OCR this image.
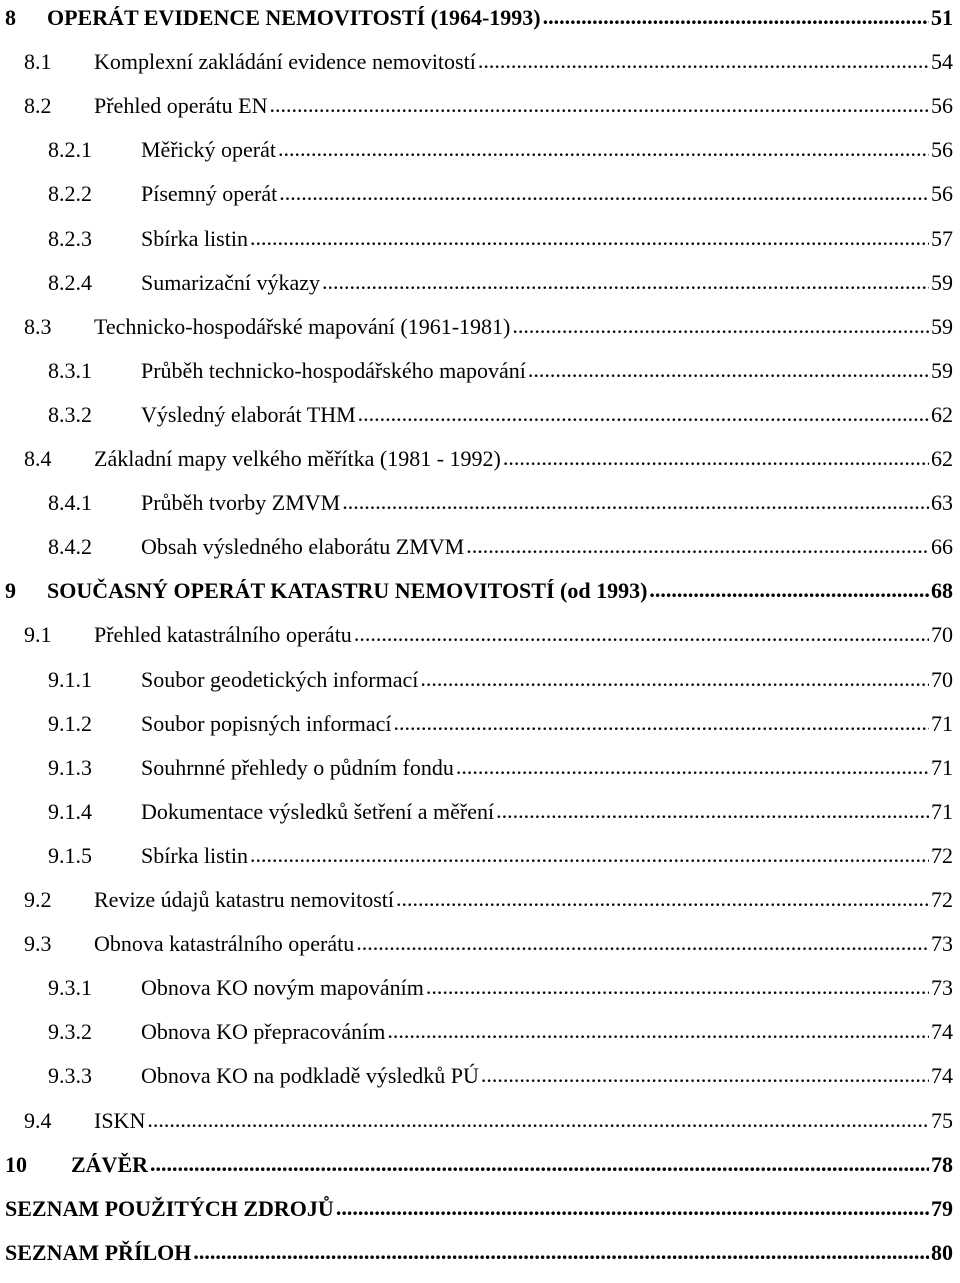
8	OPERÁT EVIDENCE NEMOVITOSTÍ (1964-1993) .....	51
8.1	Komplexní zakládání evidence nemovitostí .....	54
8.2	Přehled operátu EN .....	56
8.2.1	Měřický operát .....	56
8.2.2	Písemný operát .....	56
8.2.3	Sbírka listin .....	57
8.2.4	Sumarizační výkazy .....	59
8.3	Technicko-hospodářské mapování (1961-1981) .....	59
8.3.1	Průběh technicko-hospodářského mapování .....	59
8.3.2	Výsledný elaborát THM .....	62
8.4	Základní mapy velkého měřítka (1981 - 1992) .....	62
8.4.1	Průběh tvorby ZMVM .....	63
8.4.2	Obsah výsledného elaborátu ZMVM .....	66
9	SOUČASNÝ OPERÁT KATASTRU NEMOVITOSTÍ (od 1993) .....	68
9.1	Přehled katastrálního operátu .....	70
9.1.1	Soubor geodetických informací .....	70
9.1.2	Soubor popisných informací .....	71
9.1.3	Souhrnné přehledy o půdním fondu .....	71
9.1.4	Dokumentace výsledků šetření a měření .....	71
9.1.5	Sbírka listin .....	72
9.2	Revize údajů katastru nemovitostí .....	72
9.3	Obnova katastrálního operátu .....	73
9.3.1	Obnova KO novým mapováním .....	73
9.3.2	Obnova KO přepracováním .....	74
9.3.3	Obnova KO na podkladě výsledků PÚ .....	74
9.4	ISKN .....	75
10	ZÁVĚR .....	78
SEZNAM POUŽITÝCH ZDROJŮ .....	79
SEZNAM PŘÍLOH .....	80
